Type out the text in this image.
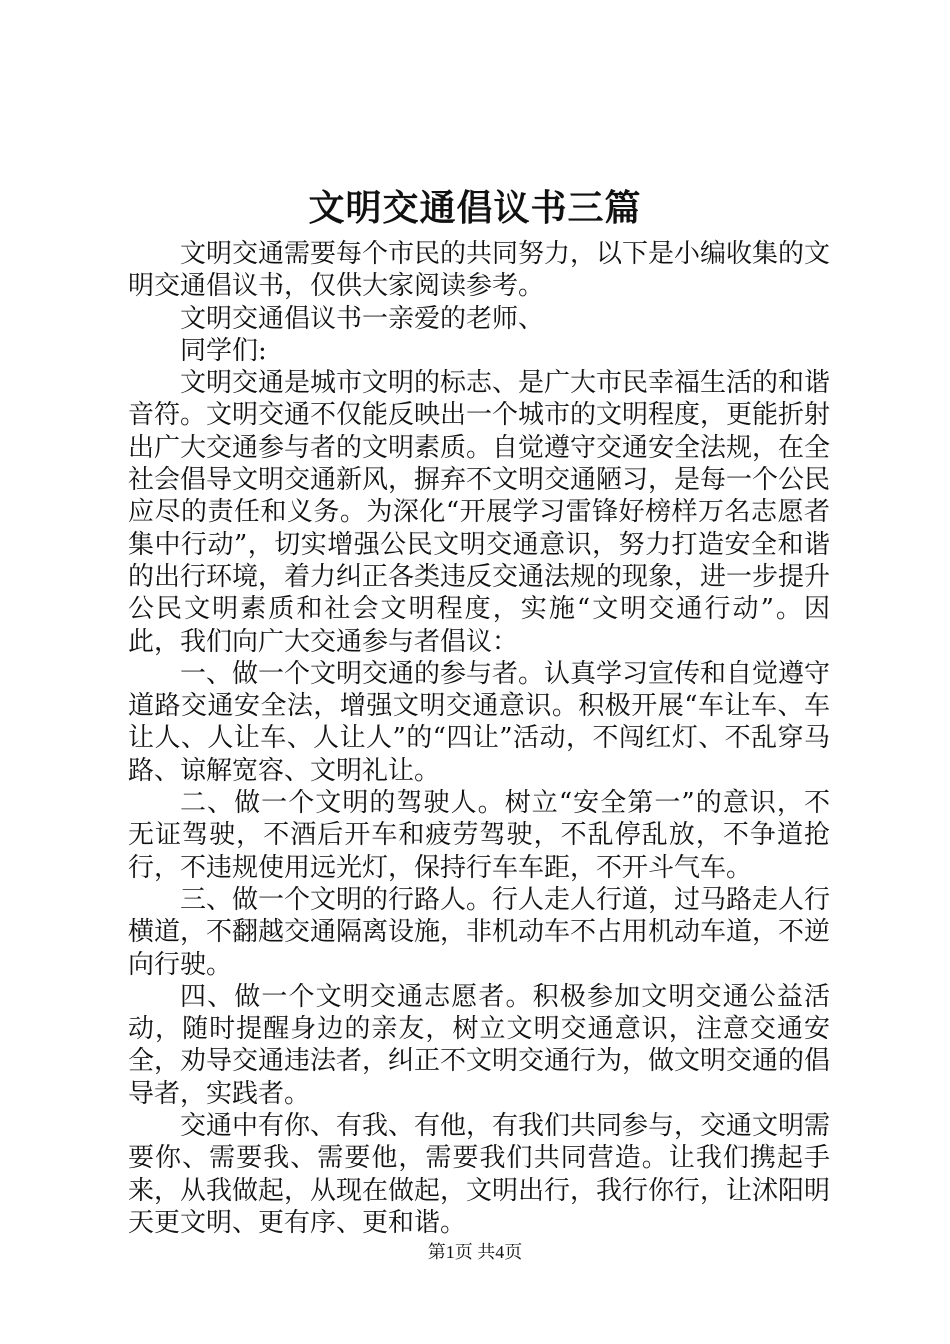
文明交通倡议书三篇

文明交通需要每个市民的共同努力，以下是小编收集的文明交通倡议书，仅供大家阅读参考。

文明交通倡议书一亲爱的老师、

同学们:

文明交通是城市文明的标志、是广大市民幸福生活的和谐音符。文明交通不仅能反映出一个城市的文明程度，更能折射出广大交通参与者的文明素质。自觉遵守交通安全法规，在全社会倡导文明交通新风，摒弃不文明交通陋习，是每一个公民应尽的责任和义务。为深化“开展学习雷锋好榜样万名志愿者集中行动”，切实增强公民文明交通意识，努力打造安全和谐的出行环境，着力纠正各类违反交通法规的现象，进一步提升公民文明素质和社会文明程度，实施“文明交通行动”。因此，我们向广大交通参与者倡议：

一、做一个文明交通的参与者。认真学习宣传和自觉遵守道路交通安全法，增强文明交通意识。积极开展“车让车、车让人、人让车、人让人”的“四让”活动，不闯红灯、不乱穿马路、谅解宽容、文明礼让。

二、做一个文明的驾驶人。树立“安全第一”的意识，不无证驾驶，不酒后开车和疲劳驾驶，不乱停乱放，不争道抢行，不违规使用远光灯，保持行车车距，不开斗气车。

三、做一个文明的行路人。行人走人行道，过马路走人行横道，不翻越交通隔离设施，非机动车不占用机动车道，不逆向行驶。

四、做一个文明交通志愿者。积极参加文明交通公益活动，随时提醒身边的亲友，树立文明交通意识，注意交通安全，劝导交通违法者，纠正不文明交通行为，做文明交通的倡导者，实践者。

交通中有你、有我、有他，有我们共同参与，交通文明需要你、需要我、需要他，需要我们共同营造。让我们携起手来，从我做起，从现在做起，文明出行，我行你行，让沭阳明天更文明、更有序、更和谐。

第1页 共4页
